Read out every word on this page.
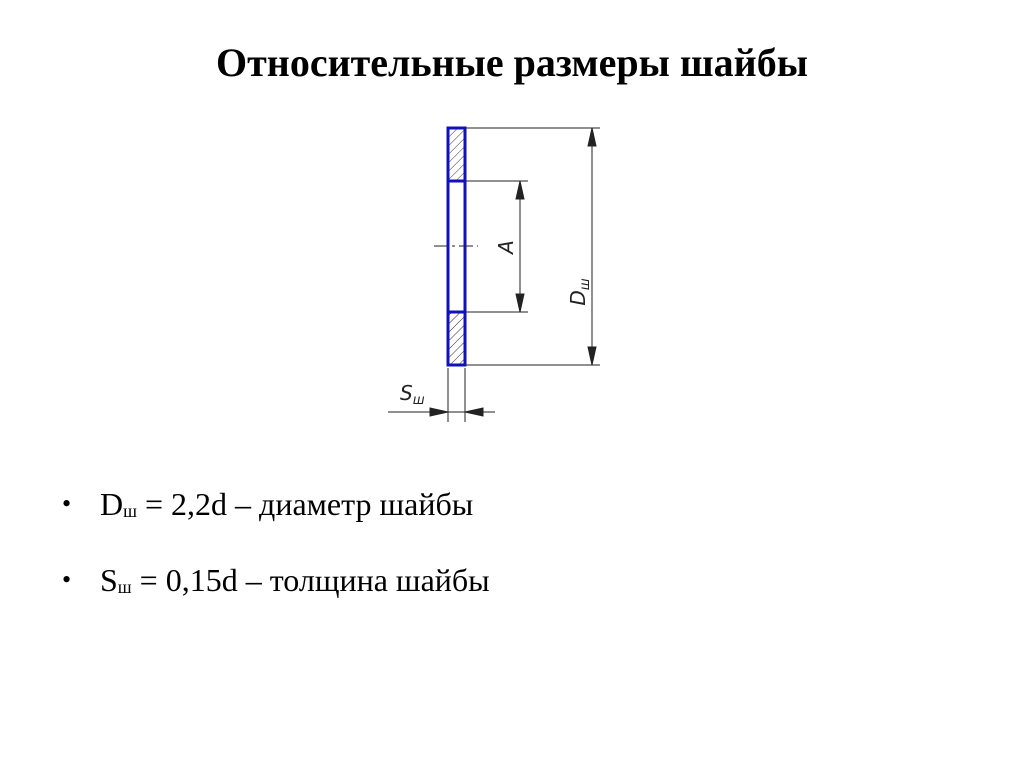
Относительные размеры шайбы
A
$D_ш$
$S_ш$
• Dш = 2,2d – диаметр шайбы
• Sш = 0,15d – толщина шайбы
